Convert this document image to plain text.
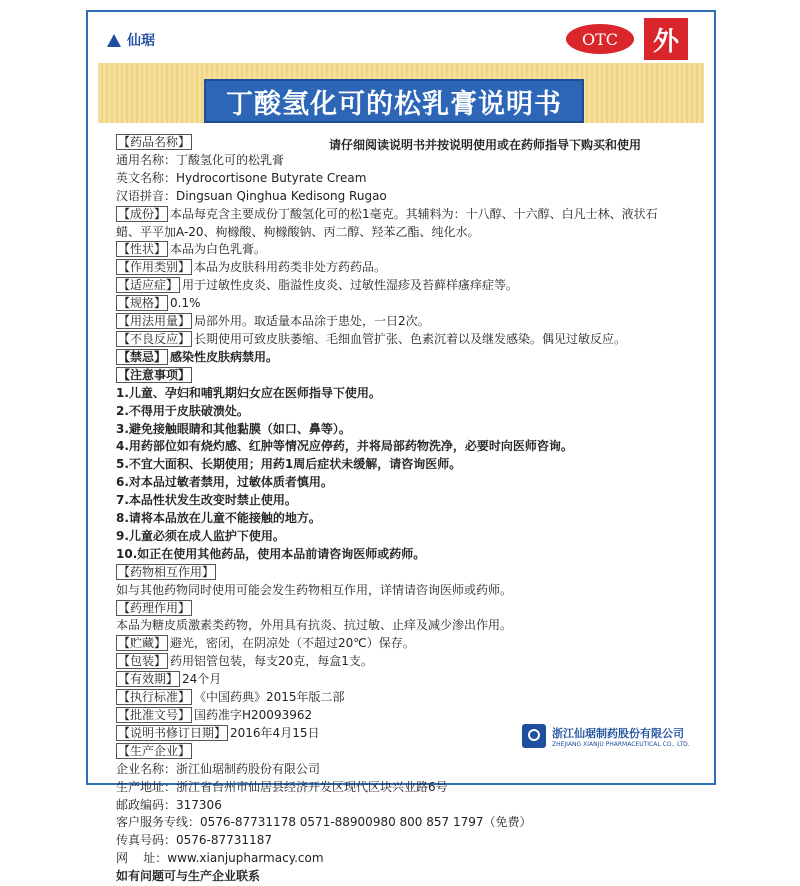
仙琚	OTC	外
丁酸氢化可的松乳膏说明书
请仔细阅读说明书并按说明使用或在药师指导下购买和使用
【药品名称】
通用名称：丁酸氢化可的松乳膏
英文名称：Hydrocortisone Butyrate Cream
汉语拼音：Dingsuan Qinghua Kedisong Rugao
【成份】 本品每克含主要成份丁酸氢化可的松1毫克。其辅料为：十八醇、十六醇、白凡士林、液状石
蜡、平平加A-20、枸橼酸、枸橼酸钠、丙二醇、羟苯乙酯、纯化水。
【性状】 本品为白色乳膏。
【作用类别】 本品为皮肤科用药类非处方药药品。
【适应症】 用于过敏性皮炎、脂溢性皮炎、过敏性湿疹及苔藓样瘙痒症等。
【规格】 0.1%
【用法用量】 局部外用。取适量本品涂于患处，一日2次。
【不良反应】 长期使用可致皮肤萎缩、毛细血管扩张、色素沉着以及继发感染。偶见过敏反应。
【禁忌】 感染性皮肤病禁用。
【注意事项】
1.儿童、孕妇和哺乳期妇女应在医师指导下使用。
2.不得用于皮肤破溃处。
3.避免接触眼睛和其他黏膜（如口、鼻等）。
4.用药部位如有烧灼感、红肿等情况应停药，并将局部药物洗净，必要时向医师咨询。
5.不宜大面积、长期使用；用药1周后症状未缓解，请咨询医师。
6.对本品过敏者禁用，过敏体质者慎用。
7.本品性状发生改变时禁止使用。
8.请将本品放在儿童不能接触的地方。
9.儿童必须在成人监护下使用。
10.如正在使用其他药品，使用本品前请咨询医师或药师。
【药物相互作用】
如与其他药物同时使用可能会发生药物相互作用，详情请咨询医师或药师。
【药理作用】
本品为糖皮质激素类药物，外用具有抗炎、抗过敏、止痒及减少渗出作用。
【贮藏】 避光，密闭，在阴凉处（不超过20℃）保存。
【包装】 药用铝管包装，每支20克，每盒1支。
【有效期】 24个月
【执行标准】 《中国药典》2015年版二部
【批准文号】 国药准字H20093962
【说明书修订日期】 2016年4月15日
【生产企业】
企业名称：浙江仙琚制药股份有限公司
生产地址：浙江省台州市仙居县经济开发区现代区块兴业路6号
邮政编码：317306
客户服务专线：0576-87731178 0571-88900980 800 857 1797（免费）
传真号码：0576-87731187
网    址：www.xianjupharmacy.com
如有问题可与生产企业联系
浙江仙琚制药股份有限公司
ZHEJIANG XIANJU PHARMACEUTICAL CO., LTD.
